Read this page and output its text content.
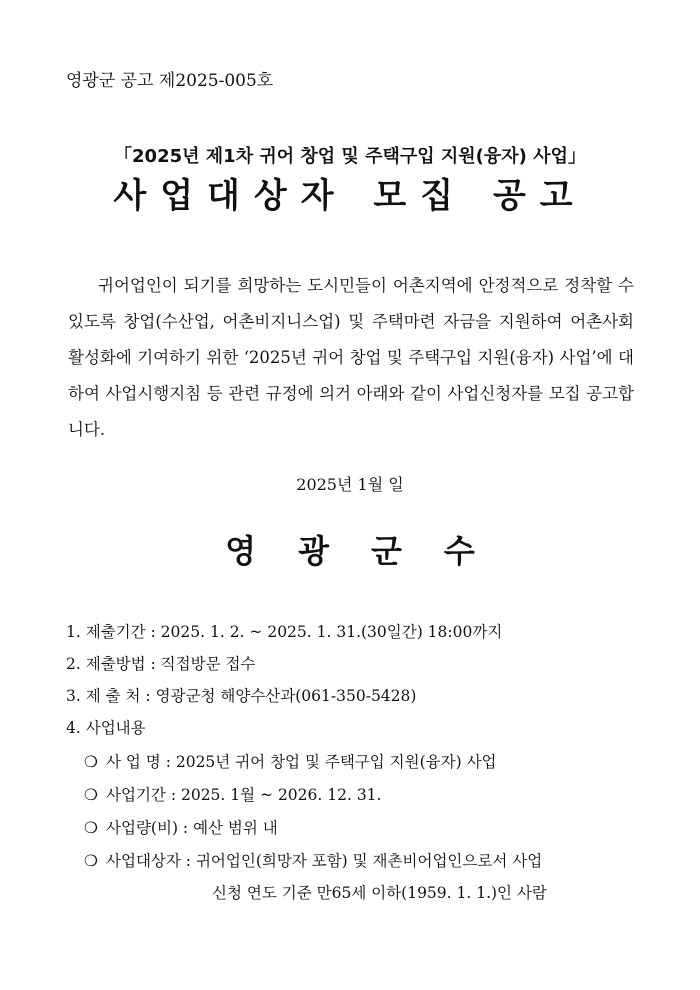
영광군 공고 제2025-005호
「2025년 제1차 귀어 창업 및 주택구입 지원(융자) 사업」
사업대상자 모집 공고
귀어업인이 되기를 희망하는 도시민들이 어촌지역에 안정적으로 정착할 수 있도록 창업(수산업, 어촌비지니스업) 및 주택마련 자금을 지원하여 어촌사회 활성화에 기여하기 위한 ‘2025년 귀어 창업 및 주택구입 지원(융자) 사업’에 대하여 사업시행지침 등 관련 규정에 의거 아래와 같이 사업신청자를 모집 공고합니다.
2025년 1월 일
영광군수
1. 제출기간 : 2025. 1. 2. ~ 2025. 1. 31.(30일간) 18:00까지
2. 제출방법 : 직접방문 접수
3. 제 출 처 : 영광군청 해양수산과(061-350-5428)
4. 사업내용
❍ 사 업 명 : 2025년 귀어 창업 및 주택구입 지원(융자) 사업
❍ 사업기간 : 2025. 1월 ~ 2026. 12. 31.
❍ 사업량(비) : 예산 범위 내
❍ 사업대상자 : 귀어업인(희망자 포함) 및 재촌비어업인으로서 사업
신청 연도 기준 만65세 이하(1959. 1. 1.)인 사람
